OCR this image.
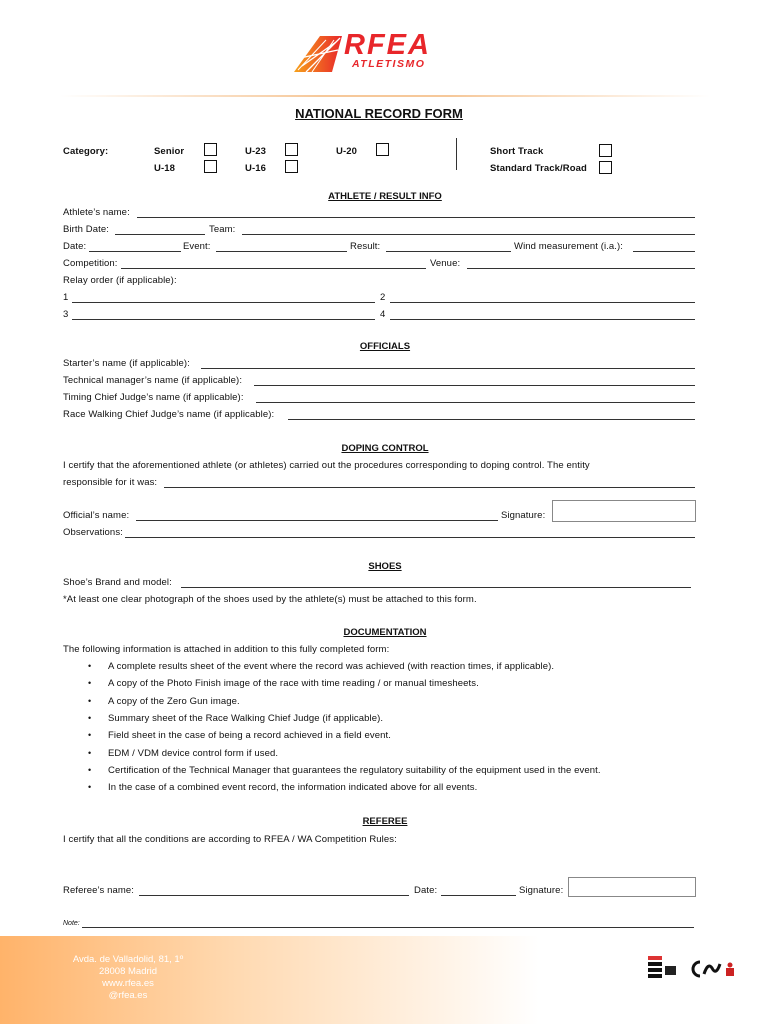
RFEA
ATLETISMO
NATIONAL RECORD FORM
Category:	Senior	U-23	U-20
U-18	U-16
Short Track
Standard Track/Road
ATHLETE / RESULT INFO
Athlete’s name:
Birth Date:	Team:
Date:	Event:	Result:	Wind measurement (i.a.):
Competition:	Venue:
Relay order (if applicable):
1	2
3	4
OFFICIALS
Starter’s name (if applicable):
Technical manager’s name (if applicable):
Timing Chief Judge’s name (if applicable):
Race Walking Chief Judge’s name (if applicable):
DOPING CONTROL
I certify that the aforementioned athlete (or athletes) carried out the procedures corresponding to doping control. The entity
responsible for it was:
Official’s name:	Signature:
Observations:
SHOES
Shoe’s Brand and model:
*At least one clear photograph of the shoes used by the athlete(s) must be attached to this form.
DOCUMENTATION
The following information is attached in addition to this fully completed form:
• A complete results sheet of the event where the record was achieved (with reaction times, if applicable).
• A copy of the Photo Finish image of the race with time reading / or manual timesheets.
• A copy of the Zero Gun image.
• Summary sheet of the Race Walking Chief Judge (if applicable).
• Field sheet in the case of being a record achieved in a field event.
• EDM / VDM device control form if used.
• Certification of the Technical Manager that guarantees the regulatory suitability of the equipment used in the event.
• In the case of a combined event record, the information indicated above for all events.
REFEREE
I certify that all the conditions are according to RFEA / WA Competition Rules:
Referee’s name:	Date:	Signature:
Note:
Avda. de Valladolid, 81, 1º
28008 Madrid
www.rfea.es
@rfea.es
